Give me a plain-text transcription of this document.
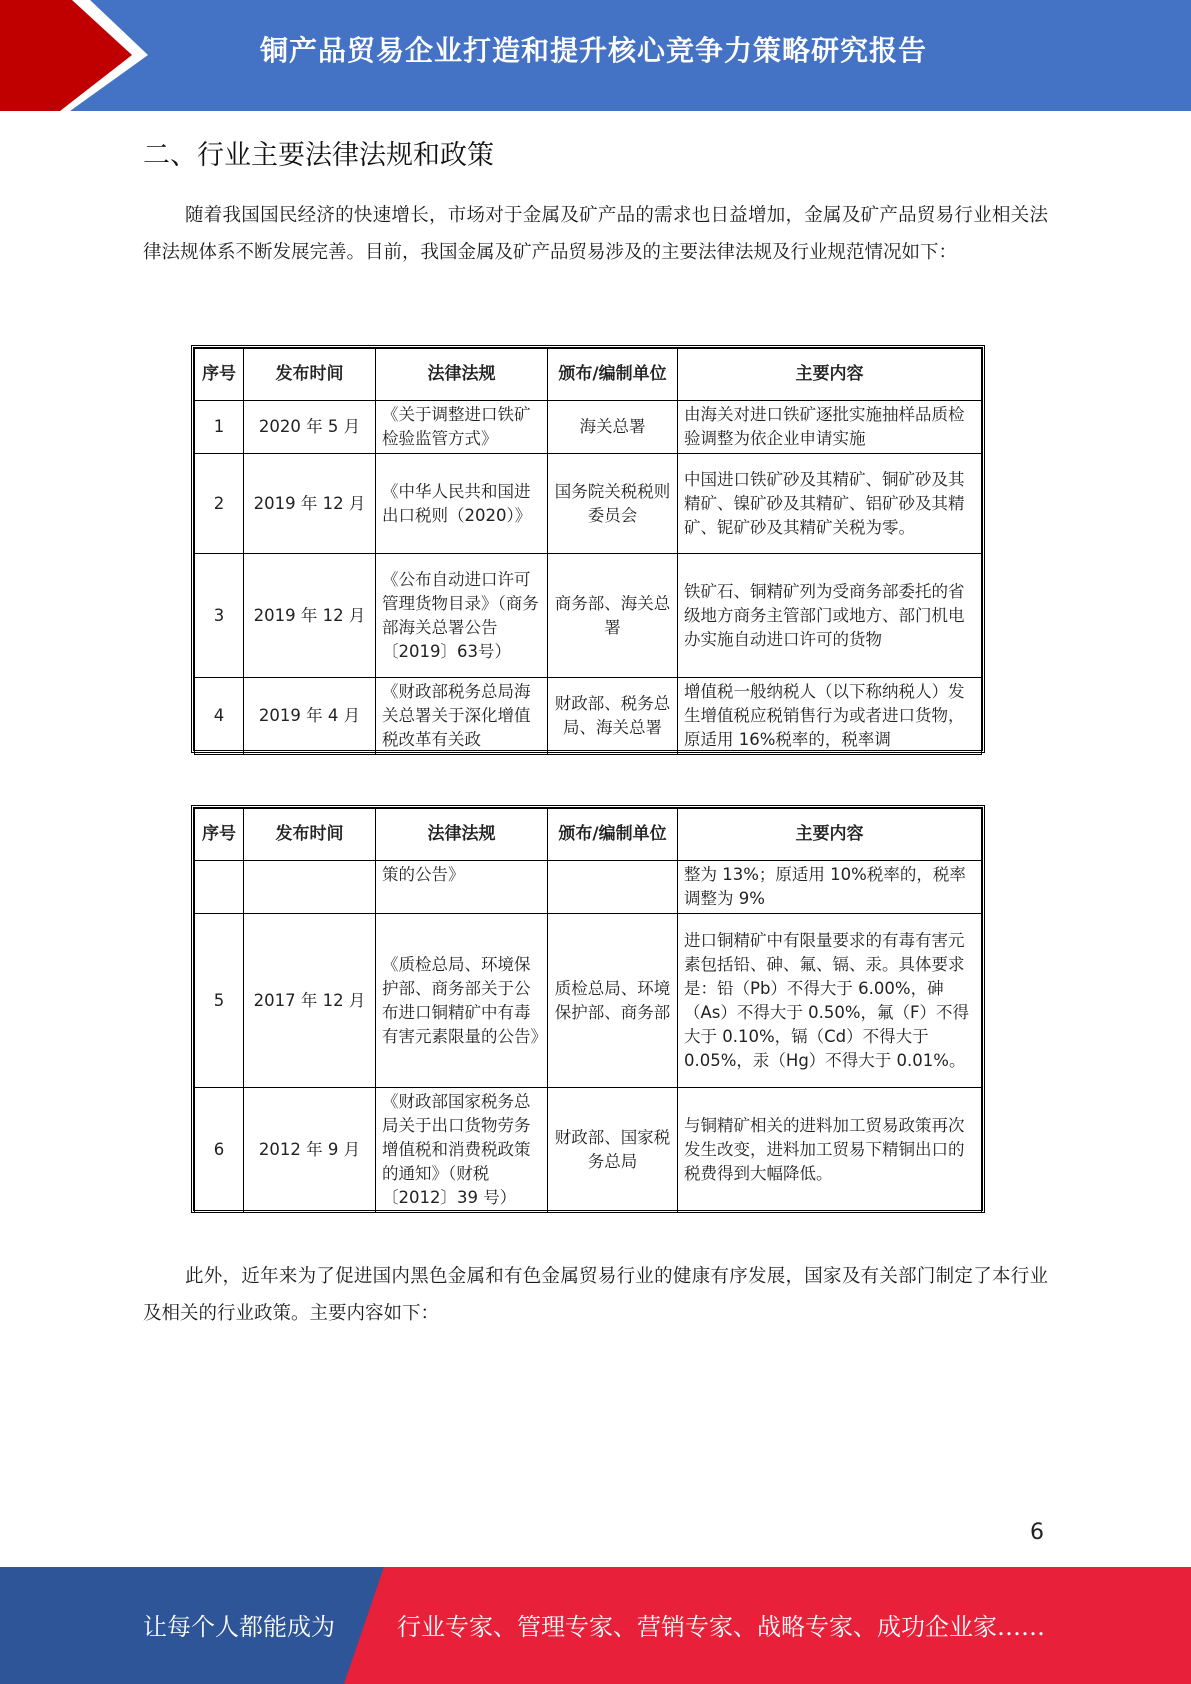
铜产品贸易企业打造和提升核心竞争力策略研究报告
二、行业主要法律法规和政策
随着我国国民经济的快速增长，市场对于金属及矿产品的需求也日益增加，金属及矿产品贸易行业相关法律法规体系不断发展完善。目前，我国金属及矿产品贸易涉及的主要法律法规及行业规范情况如下：
序号	发布时间	法律法规	颁布/编制单位	主要内容
1	2020 年 5 月	《关于调整进口铁矿检验监管方式》	海关总署	由海关对进口铁矿逐批实施抽样品质检验调整为依企业申请实施
2	2019 年 12 月	《中华人民共和国进出口税则（2020）》	国务院关税税则委员会	中国进口铁矿砂及其精矿、铜矿砂及其精矿、镍矿砂及其精矿、铝矿砂及其精矿、铌矿砂及其精矿关税为零。
3	2019 年 12 月	《公布自动进口许可管理货物目录》（商务部海关总署公告〔2019〕63号）	商务部、海关总署	铁矿石、铜精矿列为受商务部委托的省级地方商务主管部门或地方、部门机电办实施自动进口许可的货物
4	2019 年 4 月	《财政部税务总局海关总署关于深化增值税改革有关政	财政部、税务总局、海关总署	增值税一般纳税人（以下称纳税人）发生增值税应税销售行为或者进口货物，原适用 16%税率的，税率调
序号	发布时间	法律法规	颁布/编制单位	主要内容
		策的公告》		整为 13%；原适用 10%税率的，税率调整为 9%
5	2017 年 12 月	《质检总局、环境保护部、商务部关于公布进口铜精矿中有毒有害元素限量的公告》	质检总局、环境保护部、商务部	进口铜精矿中有限量要求的有毒有害元素包括铅、砷、氟、镉、汞。具体要求是：铅（Pb）不得大于 6.00%，砷（As）不得大于 0.50%，氟（F）不得大于 0.10%，镉（Cd）不得大于 0.05%，汞（Hg）不得大于 0.01%。
6	2012 年 9 月	《财政部国家税务总局关于出口货物劳务增值税和消费税政策的通知》（财税〔2012〕39 号）	财政部、国家税务总局	与铜精矿相关的进料加工贸易政策再次发生改变，进料加工贸易下精铜出口的税费得到大幅降低。
此外，近年来为了促进国内黑色金属和有色金属贸易行业的健康有序发展，国家及有关部门制定了本行业及相关的行业政策。主要内容如下：
6
让每个人都能成为	行业专家、管理专家、营销专家、战略专家、成功企业家……
